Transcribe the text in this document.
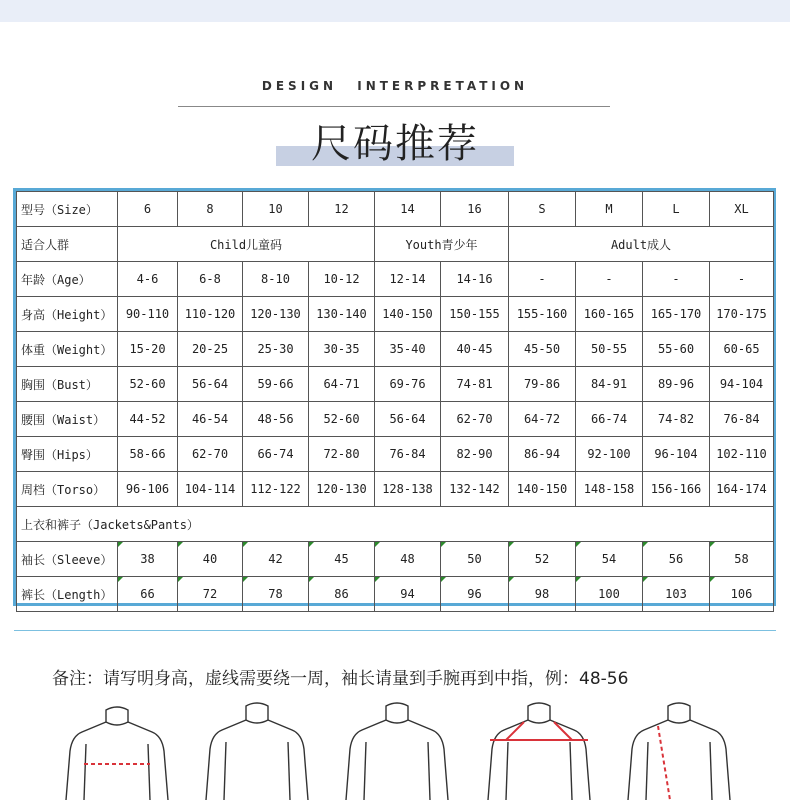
DESIGN INTERPRETATION
尺码推荐
型号（Size）	6	8	10	12	14	16	S	M	L	XL
适合人群	Child儿童码				Youth青少年		Adult成人			
年龄（Age）	4-6	6-8	8-10	10-12	12-14	14-16	-	-	-	-
身高（Height）	90-110	110-120	120-130	130-140	140-150	150-155	155-160	160-165	165-170	170-175
体重（Weight）	15-20	20-25	25-30	30-35	35-40	40-45	45-50	50-55	55-60	60-65
胸围（Bust）	52-60	56-64	59-66	64-71	69-76	74-81	79-86	84-91	89-96	94-104
腰围（Waist）	44-52	46-54	48-56	52-60	56-64	62-70	64-72	66-74	74-82	76-84
臀围（Hips）	58-66	62-70	66-74	72-80	76-84	82-90	86-94	92-100	96-104	102-110
周档（Torso）	96-106	104-114	112-122	120-130	128-138	132-142	140-150	148-158	156-166	164-174
上衣和裤子（Jackets&Pants）										
袖长（Sleeve）	38	40	42	45	48	50	52	54	56	58
裤长（Length）	66	72	78	86	94	96	98	100	103	106
备注：请写明身高，虚线需要绕一周，袖长请量到手腕再到中指，例：48-56
